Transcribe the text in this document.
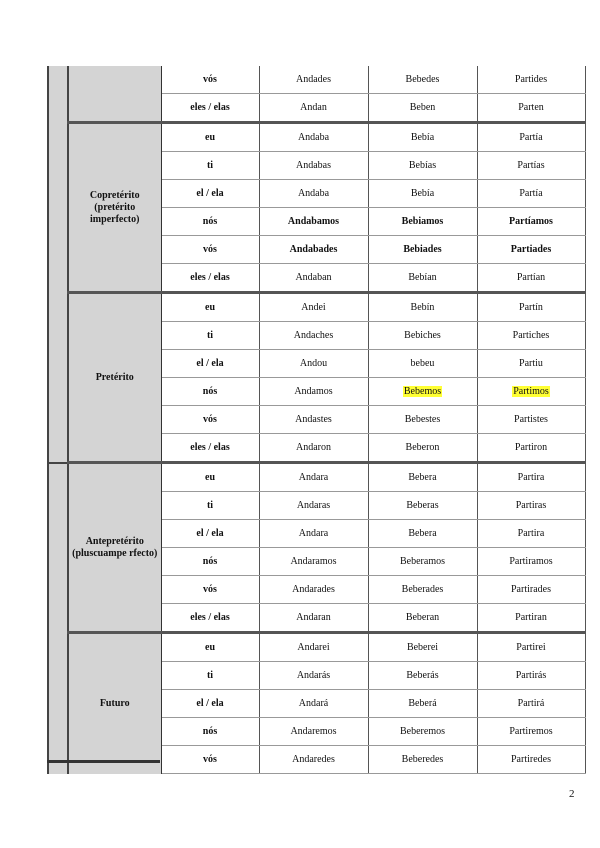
		vós	Andades	Bebedes	Partides
		eles / elas	Andan	Beben	Parten
	Copretérito (pretérito imperfecto)	eu	Andaba	Bebía	Partía
		ti	Andabas	Bebías	Partías
		el / ela	Andaba	Bebía	Partía
		nós	Andabamos	Bebiamos	Partíamos
		vós	Andabades	Bebiades	Partiades
		eles / elas	Andaban	Bebían	Partían
	Pretérito	eu	Andei	Bebín	Partín
		ti	Andaches	Bebiches	Partiches
		el / ela	Andou	bebeu	Partiu
		nós	Andamos	Bebemos	Partimos
		vós	Andastes	Bebestes	Partistes
		eles / elas	Andaron	Beberon	Partiron
	Antepretérito (pluscuampe rfecto)	eu	Andara	Bebera	Partira
		ti	Andaras	Beberas	Partiras
		el / ela	Andara	Bebera	Partira
		nós	Andaramos	Beberamos	Partiramos
		vós	Andarades	Beberades	Partirades
		eles / elas	Andaran	Beberan	Partiran
	Futuro	eu	Andarei	Beberei	Partirei
		ti	Andarás	Beberás	Partirás
		el / ela	Andará	Beberá	Partirá
		nós	Andaremos	Beberemos	Partiremos
		vós	Andaredes	Beberedes	Partiredes
2
